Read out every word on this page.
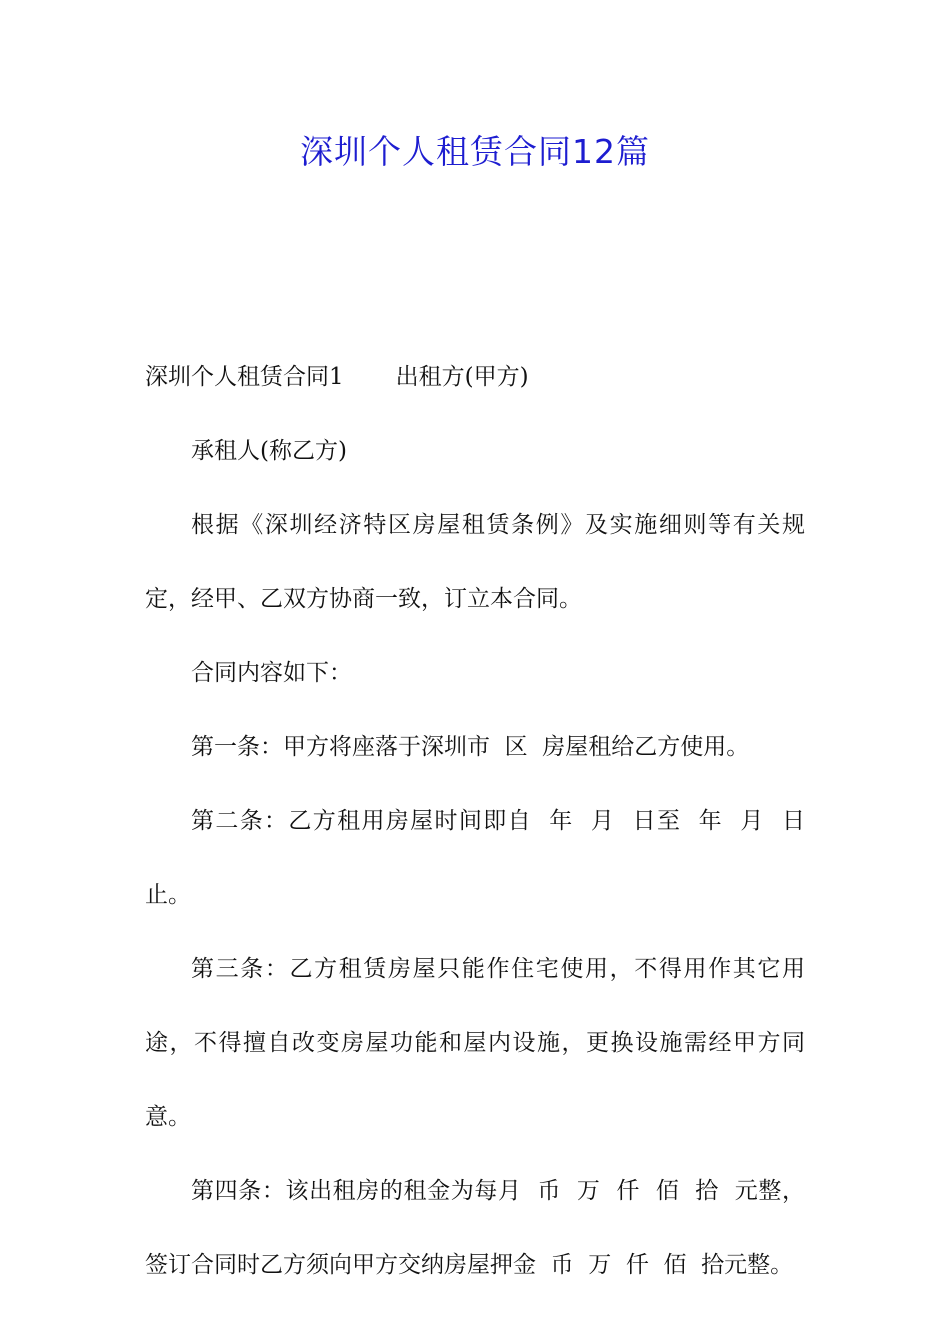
深圳个人租赁合同12篇

深圳个人租赁合同1 出租方(甲方)

承租人(称乙方)

根据《深圳经济特区房屋租赁条例》及实施细则等有关规定，经甲、乙双方协商一致，订立本合同。

合同内容如下：

第一条：甲方将座落于深圳市  区  房屋租给乙方使用。

第二条：乙方租用房屋时间即自  年  月  日至  年  月  日止。

第三条：乙方租赁房屋只能作住宅使用，不得用作其它用途，不得擅自改变房屋功能和屋内设施，更换设施需经甲方同意。

第四条：该出租房的租金为每月  币  万  仟  佰  拾  元整，签订合同时乙方须向甲方交纳房屋押金  币  万  仟  佰  拾元整。
